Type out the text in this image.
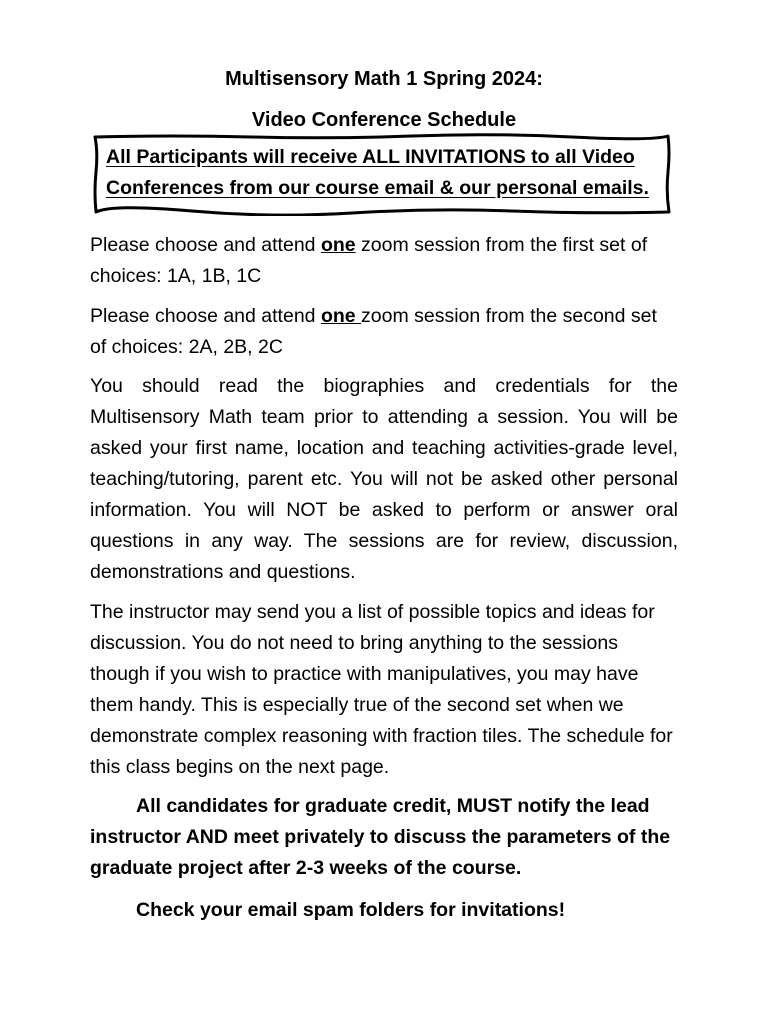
Multisensory Math 1 Spring 2024:
Video Conference Schedule
All Participants will receive ALL INVITATIONS to all Video
Conferences from our course email & our personal emails.
Please choose and attend one zoom session from the first set of choices: 1A, 1B, 1C
Please choose and attend one zoom session from the second set of choices: 2A, 2B, 2C
You should read the biographies and credentials for the Multisensory Math team prior to attending a session. You will be asked your first name, location and teaching activities-grade level, teaching/tutoring, parent etc. You will not be asked other personal information. You will NOT be asked to perform or answer oral questions in any way. The sessions are for review, discussion, demonstrations and questions.
The instructor may send you a list of possible topics and ideas for discussion. You do not need to bring anything to the sessions though if you wish to practice with manipulatives, you may have them handy. This is especially true of the second set when we demonstrate complex reasoning with fraction tiles. The schedule for this class begins on the next page.
All candidates for graduate credit, MUST notify the lead instructor AND meet privately to discuss the parameters of the graduate project after 2-3 weeks of the course.
Check your email spam folders for invitations!
